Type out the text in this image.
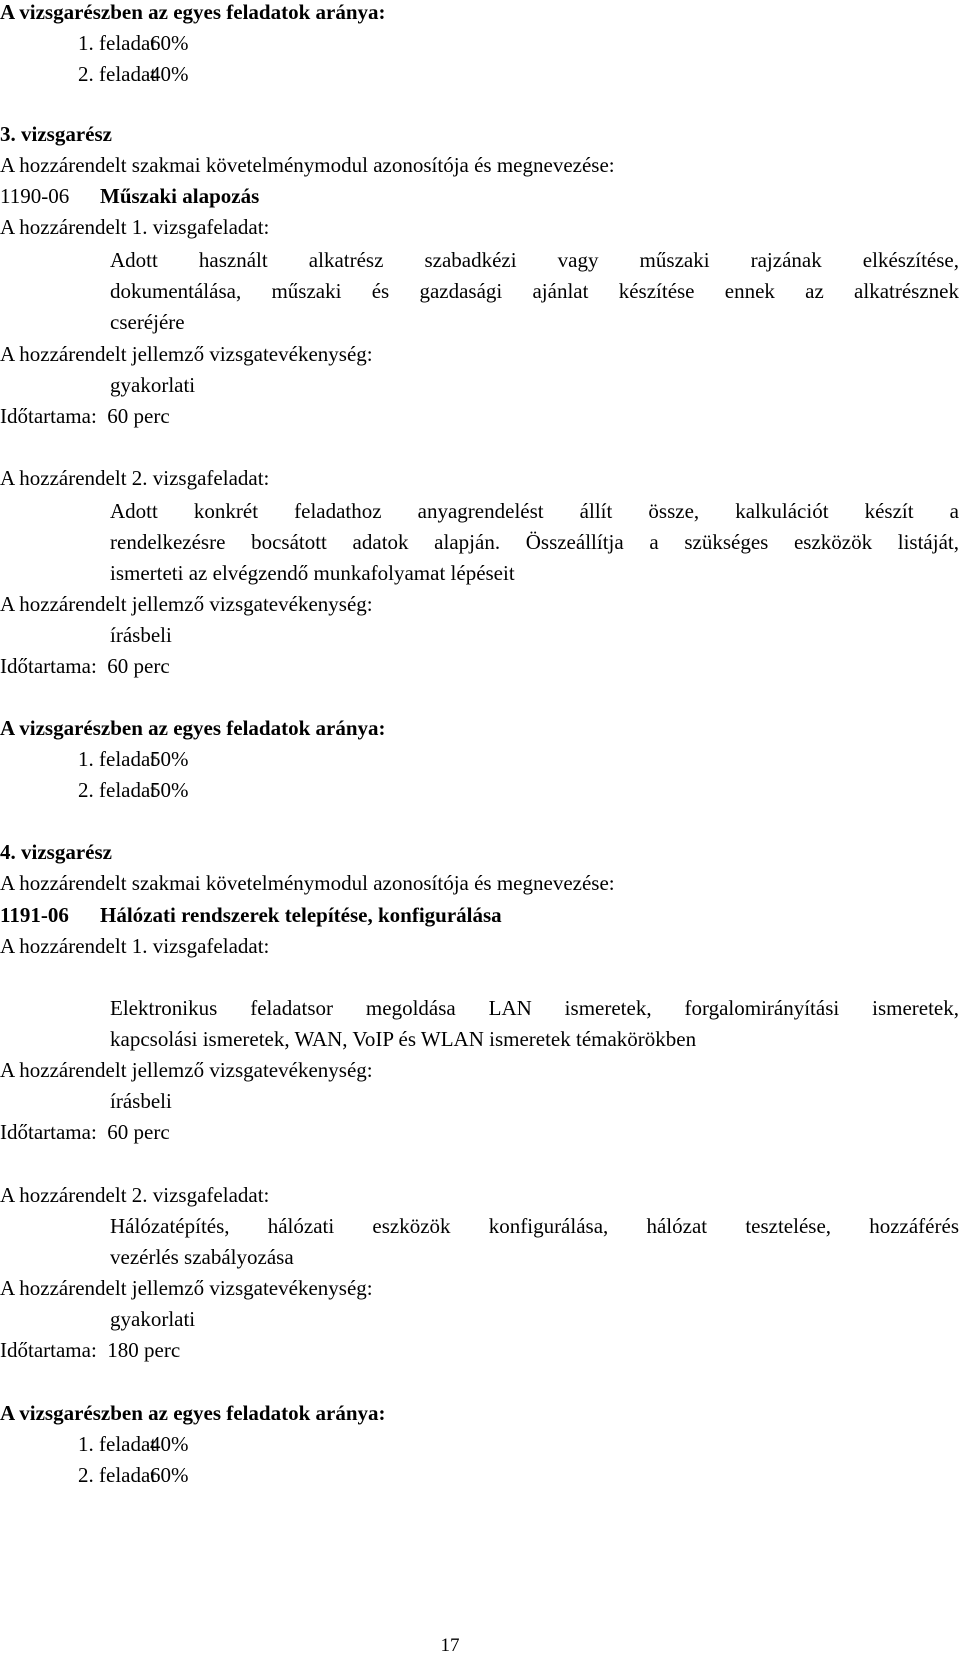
A vizsgarészben az egyes feladatok aránya:
1. feladat60%
2. feladat40%
3. vizsgarész
A hozzárendelt szakmai követelménymodul azonosítója és megnevezése:
1190-06 Műszaki alapozás
A hozzárendelt 1. vizsgafeladat:
Adott használt alkatrész szabadkézi vagy műszaki rajzának elkészítése,
dokumentálása, műszaki és gazdasági ajánlat készítése ennek az alkatrésznek
cseréjére
A hozzárendelt jellemző vizsgatevékenység:
gyakorlati
Időtartama: 60 perc
A hozzárendelt 2. vizsgafeladat:
Adott konkrét feladathoz anyagrendelést állít össze, kalkulációt készít a
rendelkezésre bocsátott adatok alapján. Összeállítja a szükséges eszközök listáját,
ismerteti az elvégzendő munkafolyamat lépéseit
A hozzárendelt jellemző vizsgatevékenység:
írásbeli
Időtartama: 60 perc
A vizsgarészben az egyes feladatok aránya:
1. feladat50%
2. feladat50%
4. vizsgarész
A hozzárendelt szakmai követelménymodul azonosítója és megnevezése:
1191-06 Hálózati rendszerek telepítése, konfigurálása
A hozzárendelt 1. vizsgafeladat:
Elektronikus feladatsor megoldása LAN ismeretek, forgalomirányítási ismeretek,
kapcsolási ismeretek, WAN, VoIP és WLAN ismeretek témakörökben
A hozzárendelt jellemző vizsgatevékenység:
írásbeli
Időtartama: 60 perc
A hozzárendelt 2. vizsgafeladat:
Hálózatépítés, hálózati eszközök konfigurálása, hálózat tesztelése, hozzáférés
vezérlés szabályozása
A hozzárendelt jellemző vizsgatevékenység:
gyakorlati
Időtartama: 180 perc
A vizsgarészben az egyes feladatok aránya:
1. feladat40%
2. feladat60%
17
